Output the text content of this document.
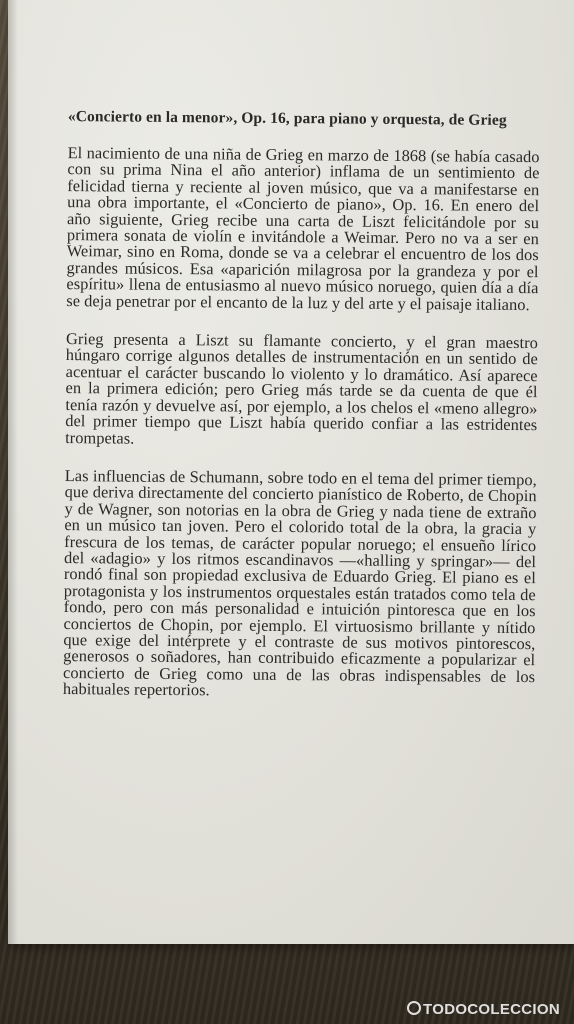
«Concierto en la menor», Op. 16, para piano y orquesta, de Grieg

El nacimiento de una niña de Grieg en marzo de 1868 (se había casado con su prima Nina el año anterior) inflama de un sentimiento de felicidad tierna y reciente al joven músico, que va a manifestarse en una obra importante, el «Concierto de piano», Op. 16. En enero del año siguiente, Grieg recibe una carta de Liszt felicitándole por su primera sonata de violín e invitándole a Weimar. Pero no va a ser en Weimar, sino en Roma, donde se va a celebrar el encuentro de los dos grandes músicos. Esa «aparición milagrosa por la grandeza y por el espíritu» llena de entusiasmo al nuevo músico noruego, quien día a día se deja penetrar por el encanto de la luz y del arte y el paisaje italiano.

Grieg presenta a Liszt su flamante concierto, y el gran maestro húngaro corrige algunos detalles de instrumentación en un sentido de acentuar el carácter buscando lo violento y lo dramático. Así aparece en la primera edición; pero Grieg más tarde se da cuenta de que él tenía razón y devuelve así, por ejemplo, a los chelos el «meno allegro» del primer tiempo que Liszt había querido confiar a las estridentes trompetas.

Las influencias de Schumann, sobre todo en el tema del primer tiempo, que deriva directamente del concierto pianístico de Roberto, de Chopin y de Wagner, son notorias en la obra de Grieg y nada tiene de extraño en un músico tan joven. Pero el colorido total de la obra, la gracia y frescura de los temas, de carácter popular noruego; el ensueño lírico del «adagio» y los ritmos escandinavos —«halling y springar»— del rondó final son propiedad exclusiva de Eduardo Grieg. El piano es el protagonista y los instrumentos orquestales están tratados como tela de fondo, pero con más personalidad e intuición pintoresca que en los conciertos de Chopin, por ejemplo. El virtuosismo brillante y nítido que exige del intérprete y el contraste de sus motivos pintorescos, generosos o soñadores, han contribuido eficazmente a popularizar el concierto de Grieg como una de las obras indispensables de los habituales repertorios.

TODOCOLECCION
